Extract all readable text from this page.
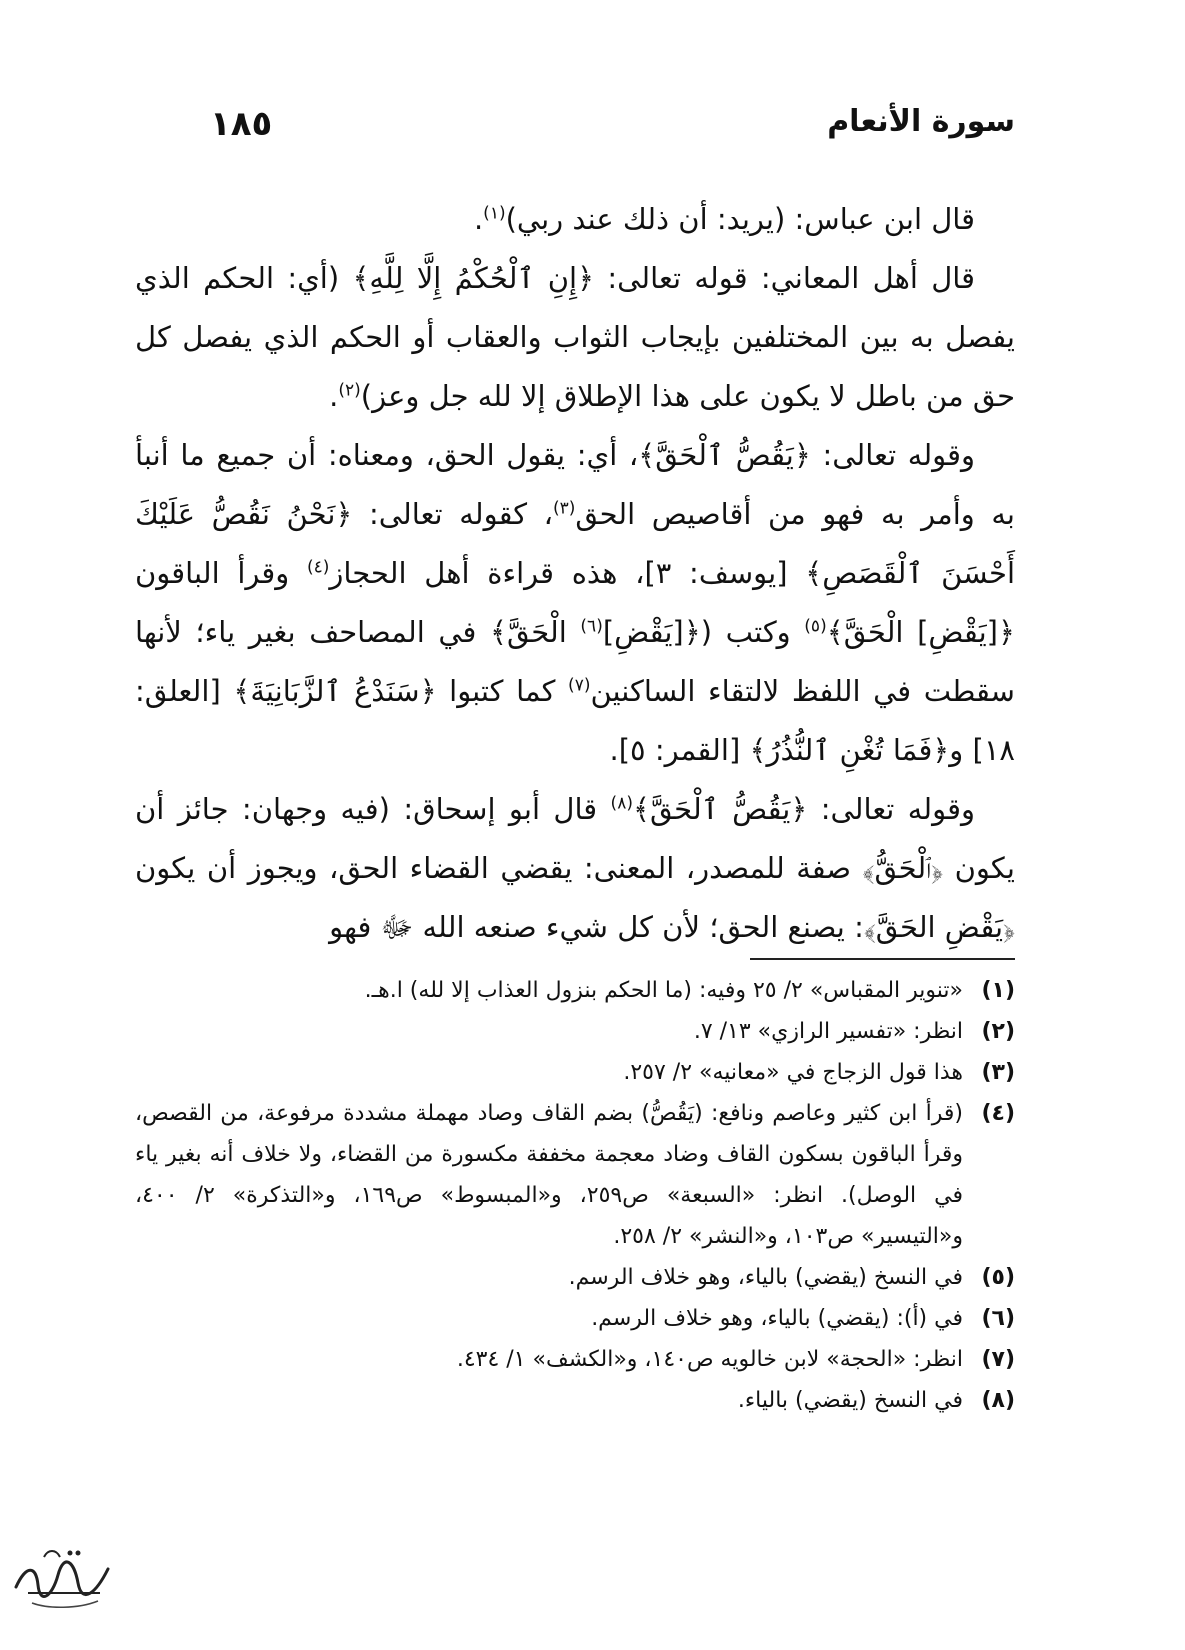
١٨٥	سورة الأنعام

قال ابن عباس: (يريد: أن ذلك عند ربي)$^{(١)}$.

قال أهل المعاني: قوله تعالى: ﴿إِنِ ٱلْحُكْمُ إِلَّا لِلَّهِ﴾ (أي: الحكم الذي يفصل به بين المختلفين بإيجاب الثواب والعقاب أو الحكم الذي يفصل كل حق من باطل لا يكون على هذا الإطلاق إلا لله جل وعز)$^{(٢)}$.

وقوله تعالى: ﴿يَقُصُّ ٱلْحَقَّ﴾، أي: يقول الحق، ومعناه: أن جميع ما أنبأ به وأمر به فهو من أقاصيص الحق$^{(٣)}$، كقوله تعالى: ﴿نَحْنُ نَقُصُّ عَلَيْكَ أَحْسَنَ ٱلْقَصَصِ﴾ [يوسف: ٣]، هذه قراءة أهل الحجاز$^{(٤)}$ وقرأ الباقون ﴿[يَقْضِ] الْحَقَّ﴾$^{(٥)}$ وكتب (﴿[يَقْضِ]$^{(٦)}$ الْحَقَّ﴾ في المصاحف بغير ياء؛ لأنها سقطت في اللفظ لالتقاء الساكنين$^{(٧)}$ كما كتبوا ﴿سَنَدْعُ ٱلزَّبَانِيَةَ﴾ [العلق: ١٨] و﴿فَمَا تُغْنِ ٱلنُّذُرُ﴾ [القمر: ٥].

وقوله تعالى: ﴿يَقُصُّ ٱلْحَقَّ﴾$^{(٨)}$ قال أبو إسحاق: (فيه وجهان: جائز أن يكون ﴿ٱلْحَقُّ﴾ صفة للمصدر، المعنى: يقضي القضاء الحق، ويجوز أن يكون ﴿يَقْضِ الحَقَّ﴾: يصنع الحق؛ لأن كل شيء صنعه الله ﷻ فهو

(١)
«تنوير المقباس» ٢/ ٢٥ وفيه: (ما الحكم بنزول العذاب إلا لله) ا.هـ.
(٢)
انظر: «تفسير الرازي» ١٣/ ٧.
(٣)
هذا قول الزجاج في «معانيه» ٢/ ٢٥٧.
(٤)
(قرأ ابن كثير وعاصم ونافع: (يَقُصُّ) بضم القاف وصاد مهملة مشددة مرفوعة، من القصص، وقرأ الباقون بسكون القاف وضاد معجمة مخففة مكسورة من القضاء، ولا خلاف أنه بغير ياء في الوصل). انظر: «السبعة» ص٢٥٩، و«المبسوط» ص١٦٩، و«التذكرة» ٢/ ٤٠٠، و«التيسير» ص١٠٣، و«النشر» ٢/ ٢٥٨.
(٥)
في النسخ (يقضي) بالياء، وهو خلاف الرسم.
(٦)
في (أ): (يقضي) بالياء، وهو خلاف الرسم.
(٧)
انظر: «الحجة» لابن خالويه ص١٤٠، و«الكشف» ١/ ٤٣٤.
(٨)
في النسخ (يقضي) بالياء.
